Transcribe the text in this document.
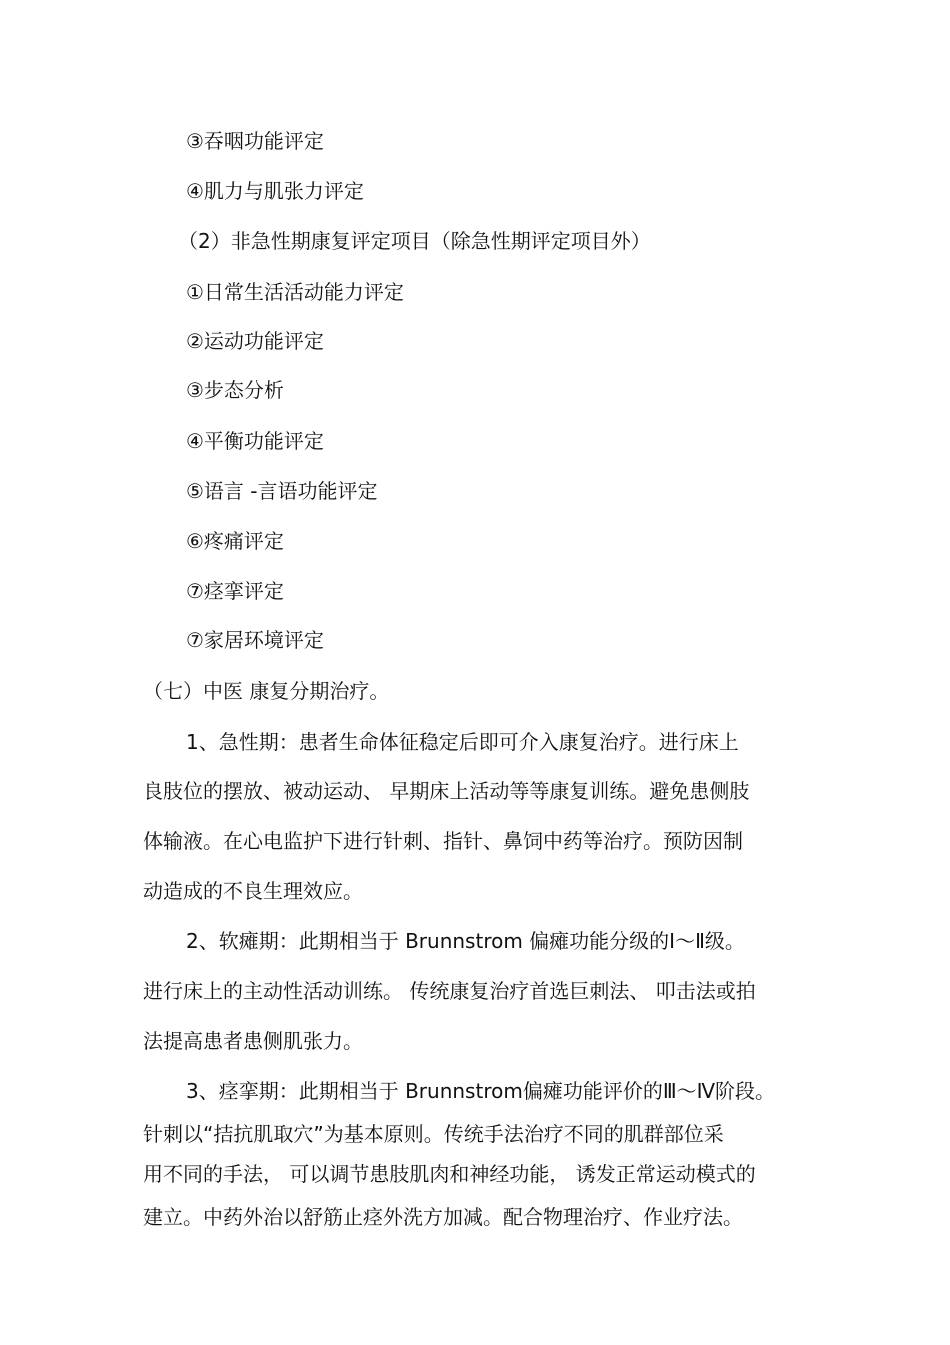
③吞咽功能评定
④肌力与肌张力评定
（2）非急性期康复评定项目（除急性期评定项目外）
①日常生活活动能力评定
②运动功能评定
③步态分析
④平衡功能评定
⑤语言 -言语功能评定
⑥疼痛评定
⑦痉挛评定
⑦家居环境评定
（七）中医 康复分期治疗。
1、急性期：患者生命体征稳定后即可介入康复治疗。进行床上
良肢位的摆放、被动运动、 早期床上活动等等康复训练。避免患侧肢
体输液。在心电监护下进行针刺、指针、鼻饲中药等治疗。预防因制
动造成的不良生理效应。
2、软瘫期：此期相当于 Brunnstrom 偏瘫功能分级的Ⅰ～Ⅱ级。
进行床上的主动性活动训练。 传统康复治疗首选巨刺法、 叩击法或拍
法提高患者患侧肌张力。
3、痉挛期：此期相当于 Brunnstrom偏瘫功能评价的Ⅲ～Ⅳ阶段。
针刺以“拮抗肌取穴”为基本原则。传统手法治疗不同的肌群部位采
用不同的手法， 可以调节患肢肌肉和神经功能， 诱发正常运动模式的
建立。中药外治以舒筋止痉外洗方加减。配合物理治疗、作业疗法。
